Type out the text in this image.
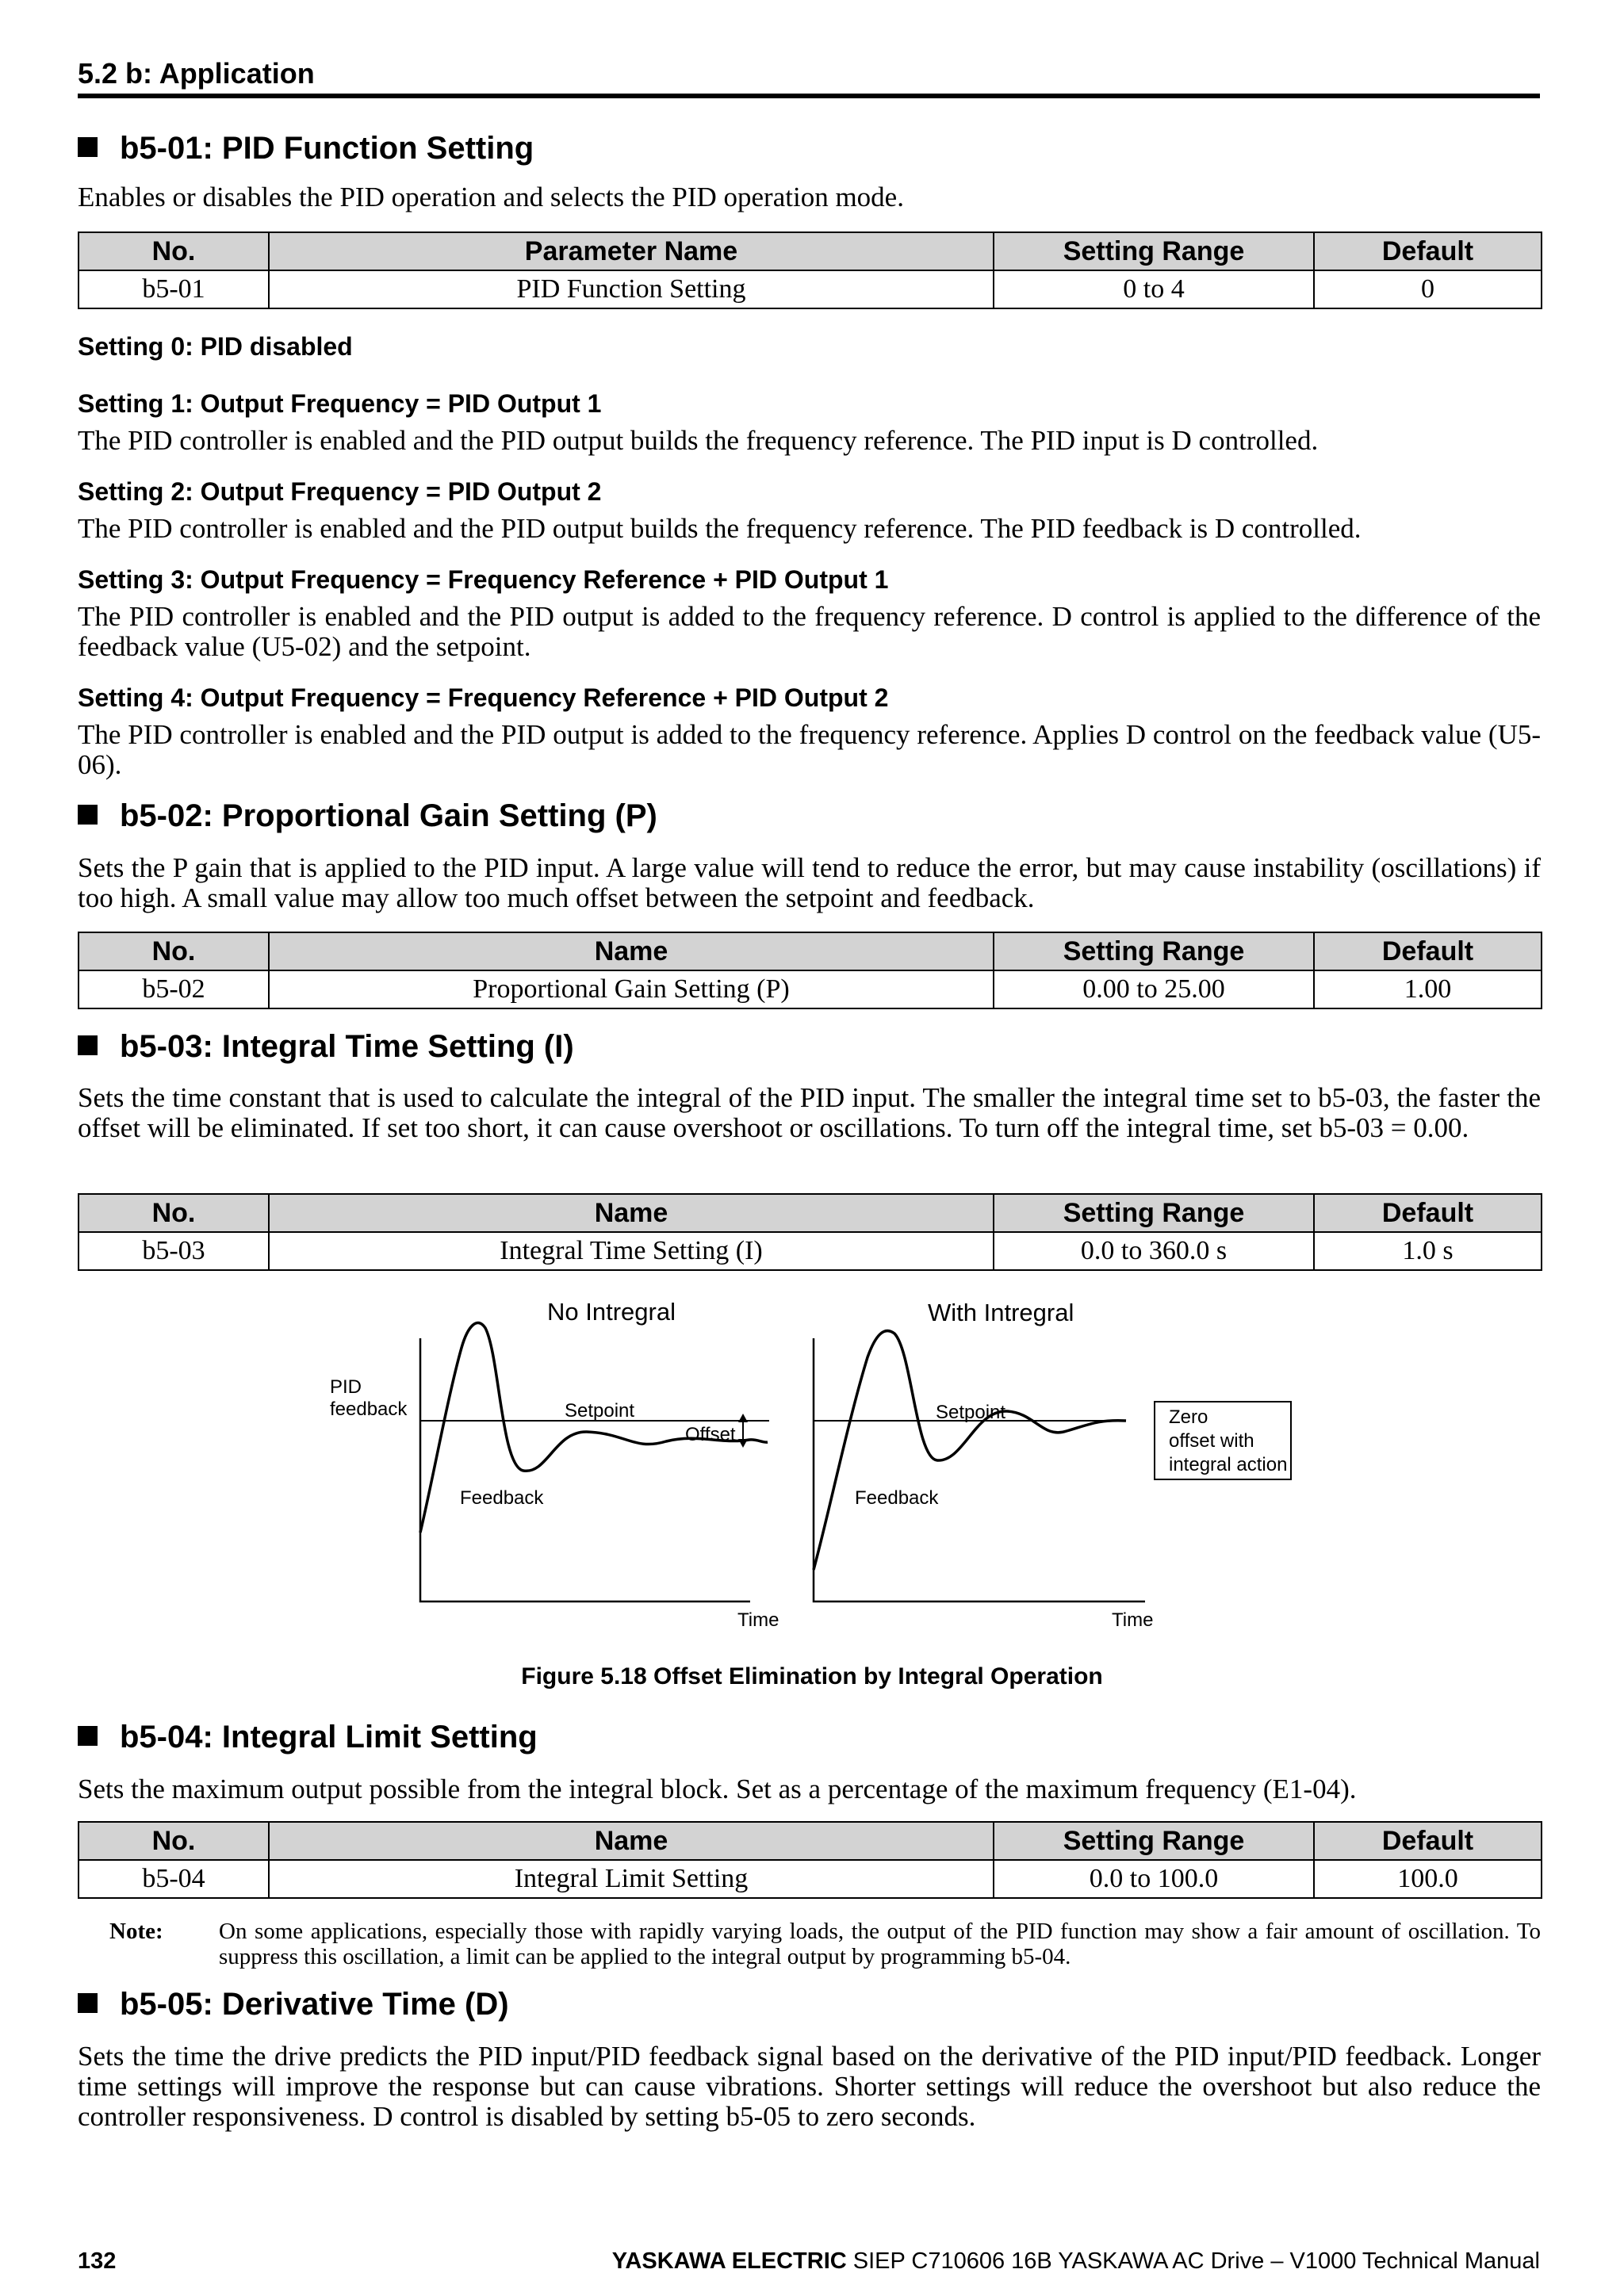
5.2 b: Application
b5-01: PID Function Setting
Enables or disables the PID operation and selects the PID operation mode.
No.	Parameter Name	Setting Range	Default
b5-01	PID Function Setting	0 to 4	0
Setting 0: PID disabled
Setting 1: Output Frequency = PID Output 1
The PID controller is enabled and the PID output builds the frequency reference. The PID input is D controlled.
Setting 2: Output Frequency = PID Output 2
The PID controller is enabled and the PID output builds the frequency reference. The PID feedback is D controlled.
Setting 3: Output Frequency = Frequency Reference + PID Output 1
The PID controller is enabled and the PID output is added to the frequency reference. D control is applied to the difference of the feedback value (U5-02) and the setpoint.
Setting 4: Output Frequency = Frequency Reference + PID Output 2
The PID controller is enabled and the PID output is added to the frequency reference. Applies D control on the feedback value (U5-06).
b5-02: Proportional Gain Setting (P)
Sets the P gain that is applied to the PID input. A large value will tend to reduce the error, but may cause instability (oscillations) if too high. A small value may allow too much offset between the setpoint and feedback.
No.	Name	Setting Range	Default
b5-02	Proportional Gain Setting (P)	0.00 to 25.00	1.00
b5-03: Integral Time Setting (I)
Sets the time constant that is used to calculate the integral of the PID input. The smaller the integral time set to b5-03, the faster the offset will be eliminated. If set too short, it can cause overshoot or oscillations. To turn off the integral time, set b5-03 = 0.00.
No.	Name	Setting Range	Default
b5-03	Integral Time Setting (I)	0.0 to 360.0 s	1.0 s
No Intregral	With Intregral
PID
feedback	Setpoint
Offset
Feedback
Time
Setpoint
Feedback
Time
Zero
offset with
integral action
Figure 5.18 Offset Elimination by Integral Operation
b5-04: Integral Limit Setting
Sets the maximum output possible from the integral block. Set as a percentage of the maximum frequency (E1-04).
No.	Name	Setting Range	Default
b5-04	Integral Limit Setting	0.0 to 100.0	100.0
Note: On some applications, especially those with rapidly varying loads, the output of the PID function may show a fair amount of oscillation. To suppress this oscillation, a limit can be applied to the integral output by programming b5-04.
b5-05: Derivative Time (D)
Sets the time the drive predicts the PID input/PID feedback signal based on the derivative of the PID input/PID feedback. Longer time settings will improve the response but can cause vibrations. Shorter settings will reduce the overshoot but also reduce the controller responsiveness. D control is disabled by setting b5-05 to zero seconds.
132	YASKAWA ELECTRIC SIEP C710606 16B YASKAWA AC Drive – V1000 Technical Manual
